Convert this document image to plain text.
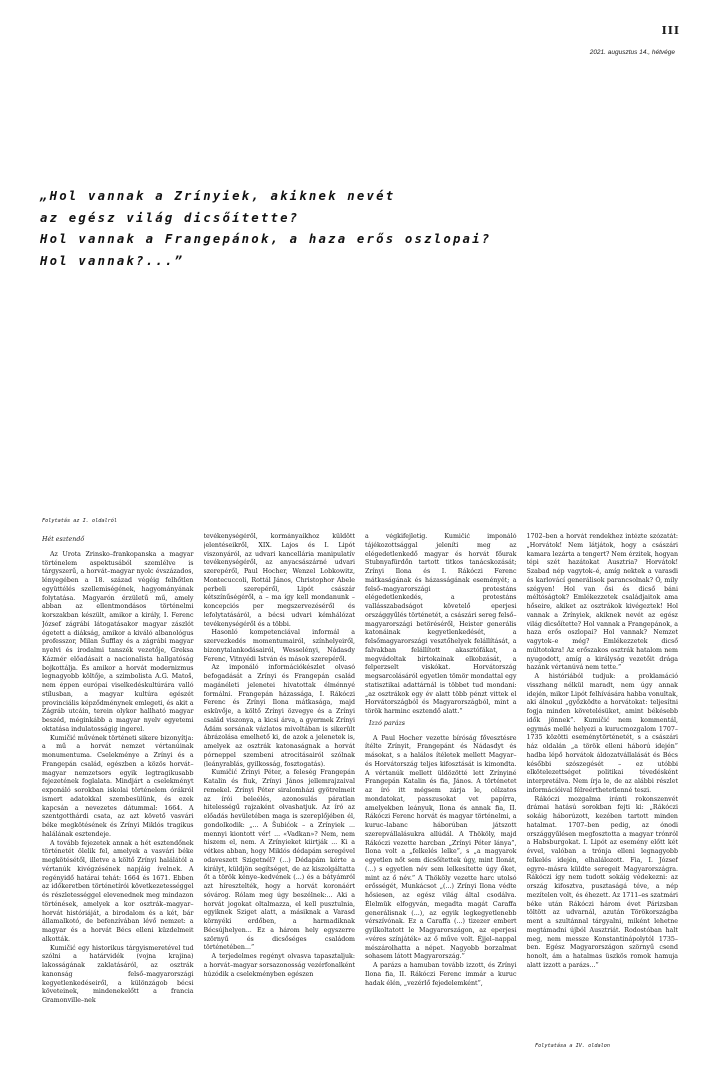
III
2021. augusztus 14., hétvége
„Hol vannak a Zrínyiek, akiknek nevét
az egész világ dicsőítette?
Hol vannak a Frangepánok, a haza erős oszlopai?
Hol vannak?...”
Folytatás az I. oldalról

Hét esztendő

Az Urota Zrinsko–frankopanska a magyar történelem aspektusából szemlélve is tárgyszerű, a horvát–magyar nyolc évszázados, lényegében a 18. század végéig felhőtlen együttélés szellemiségének, hagyományának folytatása. Magyarón érzületű mű, amely abban az ellentmondásos történelmi korszakban készült, amikor a király, I. Ferenc József zágrábi látogatásakor magyar zászlót égetett a diákság, amikor a kiváló albanológus professzor, Milan Šufflay és a zágrábi magyar nyelvi és irodalmi tanszék vezetője, Greksa Kázmér előadásait a nacionalista hallgatóság bojkottálja. És amikor a horvát modernizmus legnagyobb költője, a szimbolista A.G. Matoš, nem éppen európai viselkedéskultúrára valló stílusban, a magyar kultúra egészét provinciális képződménynek emlegeti, és akit a Zágráb utcáin, terein olykor hallható magyar beszéd, méginkább a magyar nyelv egyetemi oktatása indulatosságig ingerel.

Kumičić művének történeti sikere bizonyítja: a mű a horvát nemzet vértanúinak monumentuma. Cselekménye a Zrínyi és a Frangepán család, egészben a közös horvát–magyar nemzetsors egyik legtragikusabb fejezetének foglalata. Mindjárt a cselekményt exponáló sorokban iskolai történelem órákról ismert adatokkal szembesülünk, és ezek kapcsán a nevezetes dátummal: 1664. A szentgotthárdi csata, az azt követő vasvári béke megkötésének és Zrínyi Miklós tragikus halálának esztendeje.

A tovább fejezetek annak a hét esztendőnek történetét ölelik fel, amelyek a vasvári béke megkötésétől, illetve a költő Zrínyi halálától a vértanúk kivégzésének napjáig ívelnek. A regényidő határai tehát: 1664 és 1671. Ebben az időkeretben történetírói következetességgel és részletességgel elevenednek meg mindazon történések, amelyek a kor osztrák–magyar–horvát históriáját, a birodalom és a két, bár államalkotó, de befenzívában lévő nemzet: a magyar és a horvát Bécs elleni küzdelmeit alkották.

Kumičić egy historikus tárgyismeretével tud szólni a határvidék (vojna krajina) lakosságának zaklatásáról, az osztrák kanonság felső–magyarországi kegyetlenkedéseiről, a különzágob bécsi követeinek, mindenekelőtt a francia Gramonville–nek

tevékenységéről, kormányaikhoz küldött jelentéseikről, XIX. Lajos és I. Lipót viszonyáról, az udvari kancellária manipulatív tevékenységéről, az anyacsászárné udvari szerepéről, Paul Hocher, Wenzel Lobkowitz, Montecuccoli, Rottál János, Christophor Abele perbeli szerepéről, Lipót császár kétszínűségéről, a – ma így kell mondanunk – koncepciós per megszervezéséről és lefolytatásáról, a bécsi udvari kémhálózat tevékenységéről és a többi.

Hasonló kompetenciával informál a szervezkedés momentumairól, színhelyeiről, bizonytalankodásairól, Wesselényi, Nádasdy Ferenc, Vitnyédi István és mások szerepéről.

Az imponáló információkészlet olvasó befogadását a Zrínyi és Frangepán család magánéleti jelenetei hivatottak élménnyé formálni. Frangepán házassága, I. Rákóczi Ferenc és Zrínyi Ilona mátkasága, majd esküvője, a költő Zrínyi özvegye és a Zrínyi család viszonya, a kicsi árva, a gyermek Zrínyi Ádám sorsának vázlatos mivoltában is sikerült ábrázolása emelhető ki, de azok a jelenetek is, amelyek az osztrák katonaságnak a horvát pórneppel szembeni atrocitásairól szólnak (leányrablás, gyilkosság, fosztogatás).

Kumičić Zrínyi Péter, a feleség Frangepán Katalin és fiuk, Zrínyi János jellemrajzaival remekel. Zrínyi Péter siralomházi gyötrelmeit az írói beleélés, azonosulás páratlan hitelességű rajzaként olvashatjuk. Az író az előadás hevületében maga is szereplőjében él, gondolkodik: „... A Šubićok – a Zrínyiek ... mennyi kiontott vér! ... «Vadkan»? Nem, nem hiszem el, nem. A Zrínyieket kiirtják ... Ki a vétkes abban, hogy Miklós dédapám seregével odaveszett Szigetnél? (...) Dédapám kérte a királyt, küldjön segítséget, de az kiszolgáltatta őt a török kénye–kedvének (...) és a bátyámról azt híresztelték, hogy a horvát koronáért sóvárog. Rólam meg úgy beszélnek:... Aki a horvát jogokat oltalmazza, el kell pusztulnia, egyiknek Sziget alatt, a másiknak a Varasd környéki erdőben, a harmadiknak Bécsújhelyen... Ez a három hely egyszerre szörnyű és dicsőséges családom történetében...”

A terjedelmes regényt olvasva tapasztaljuk: a horvát–magyar sorsazonosság vezérfonalként húzódik a cselekményben egészen

a végkifejletig. Kumičić imponáló tájékozottsággal jeleníti meg az elégedetlenkedő magyar és horvát főurak Stubnyafürdőn tartott titkos tanácskozását; Zrínyi Ilona és I. Rákóczi Ferenc mátkaságának és házasságának eseményét; a felső–magyarországi protestáns elégedetlenkedés, a protestáns vallásszabadságot követelő eperjesi országgyűlés történetét, a császári sereg felső–magyarországi betöréséről, Heister generális katonáinak kegyetlenkedését, a felsőmagyarországi vesztőhelyek felállítását, a falvakban felállított akasztófákat, a megvádoltak birtokainak elkobzását, a felperzselt viskókat. Horvátország megsarcolásáról egyetlen tömör mondattal egy statisztikai adattárnál is többet tud mondani: „az osztrákok egy év alatt több pénzt vittek el Horvátországból és Magyarországból, mint a török harminc esztendő alatt.”

Izzó parázs

A Paul Hocher vezette bíróság fővesztésre ítélte Zrínyit, Frangepánt és Nádasdyt és másokat, s a halálos ítéletek mellett Magyar– és Horvátország teljes kifosztását is kimondta. A vértanúk mellett üldözötté lett Zrínyiné Frangepán Katalin és fia, János. A történetet az író itt mégsem zárja le, célzatos mondatokat, passzusokat vet papírra, amelyekben leányuk, Ilona és annak fia, II. Rákóczi Ferenc horvát és magyar történelmi, a kuruc–labanc háborúban játszott szerepvállalásukra allúdál. A Thököly, majd Rákóczi vezette harcban „Zrínyi Péter lánya”, Ilona volt a „felkelés lelke”, s „a magyarok egyetlen nőt sem dicsőítettek úgy, mint Ilonát, (...) s egyetlen név sem lelkesítette úgy őket, mint az ő név.” A Thököly vezette harc utolsó erősségét, Munkácsot „(...) Zrínyi Ilona védte hősiesen, az egész világ által csodálva. Élelmük elfogyván, megadta magát Caraffa generálisnak (...), az egyik legkegyetlenebb vérszívónak. Ez a Caraffa (...) tizezer embert gyilkoltatott le Magyarországon, az eperjesi «véres színjáték» az ő műve volt. Éjjel–nappal mészárolhatta a népet. Nagyobb borzalmat sohasem látott Magyarország.”

A parázs a hamuban tovább izzott, és Zrínyi Ilona fia, II. Rákóczi Ferenc immár a kuruc hadak élén, „vezérlő fejedelemként”,

1702–ben a horvát rendekhez intézte szózatát: „Horvátok! Nem látjátok, hogy a császári kamara lezárta a tengert? Nem érzitek, hogyan tépi szét hazátokat Ausztria? Horvátok! Szabad nép vagytok–é, amíg nektek a varasdi és karlovácí generálisok parancsolnak? Ó, mily szégyen! Hol van ősi és dicső báni méltóságtok? Emlékezzetek családjaitok ama hőseire, akiket az osztrákok kivégeztek! Hol vannak a Zrínyiek, akiknek nevét az egész világ dicsőítette? Hol vannak a Frangepánok, a haza erős oszlopai? Hol vannak? Nemzet vagytok–e még? Emlékezzetek dicső múltotokra! Az erőszakos osztrák hatalom nem nyugodott, amíg a királyság vezetőit drága hazánk vértanúvá nem tette.”

A históriából tudjuk: a proklamáció visszhang nélkül maradt, nem úgy annak idején, mikor Lipót felhívására habba vonultak, aki álnokul „győzködte a horvátokat: teljesítni fogja minden követelésüket, amint békésebb idők jönnek”. Kumičić nem kommentál, egymás mellé helyezi a kurucmozgalom 1707–1735 közötti eseménytörténetét, s a császári ház oldalán „a török elleni háború idején” hadba lépő horvátok áldozatvállalását és Bécs későbbi szószegését – ez utóbbi elkötelezettséget politikai tévedésként interpretálva. Nem írja le, de az alábbi részlet információival félreérthetetlenné teszi.

Rákóczi mozgalma iránti rokonszenvét drámai hatású sorokban fejti ki: „Rákóczi sokáig háborúzott, kezében tartott minden hatalmat. 1707–ben pedig, az ónodi országgyűlésen megfosztotta a magyar trónról a Habsburgokat. I. Lipót az esemény előtt két évvel, valóban a trónja elleni legnagyobb felkelés idején, elhalálozott. Fia, I. József egyre–másra küldte seregeit Magyarországra. Rákóczi így nem tudott sokáig védekezni: az ország kifosztva, pusztaságá téve, a nép mezítelen volt, és éhezett. Az 1711–es szatmári béke után Rákóczi három évet Párizsban töltött az udvarnál, azután Törökországba ment a szultánnal tárgyalni, miként lehetne megtámadni újból Ausztriát. Rodostóban halt meg, nem messze Konstantinápolytól 1735–ben. Egész Magyarországon szörnyű csend honolt, ám a hatalmas üszkös romok hamuja alatt izzott a parázs...”

Folytatása a IV. oldalon
